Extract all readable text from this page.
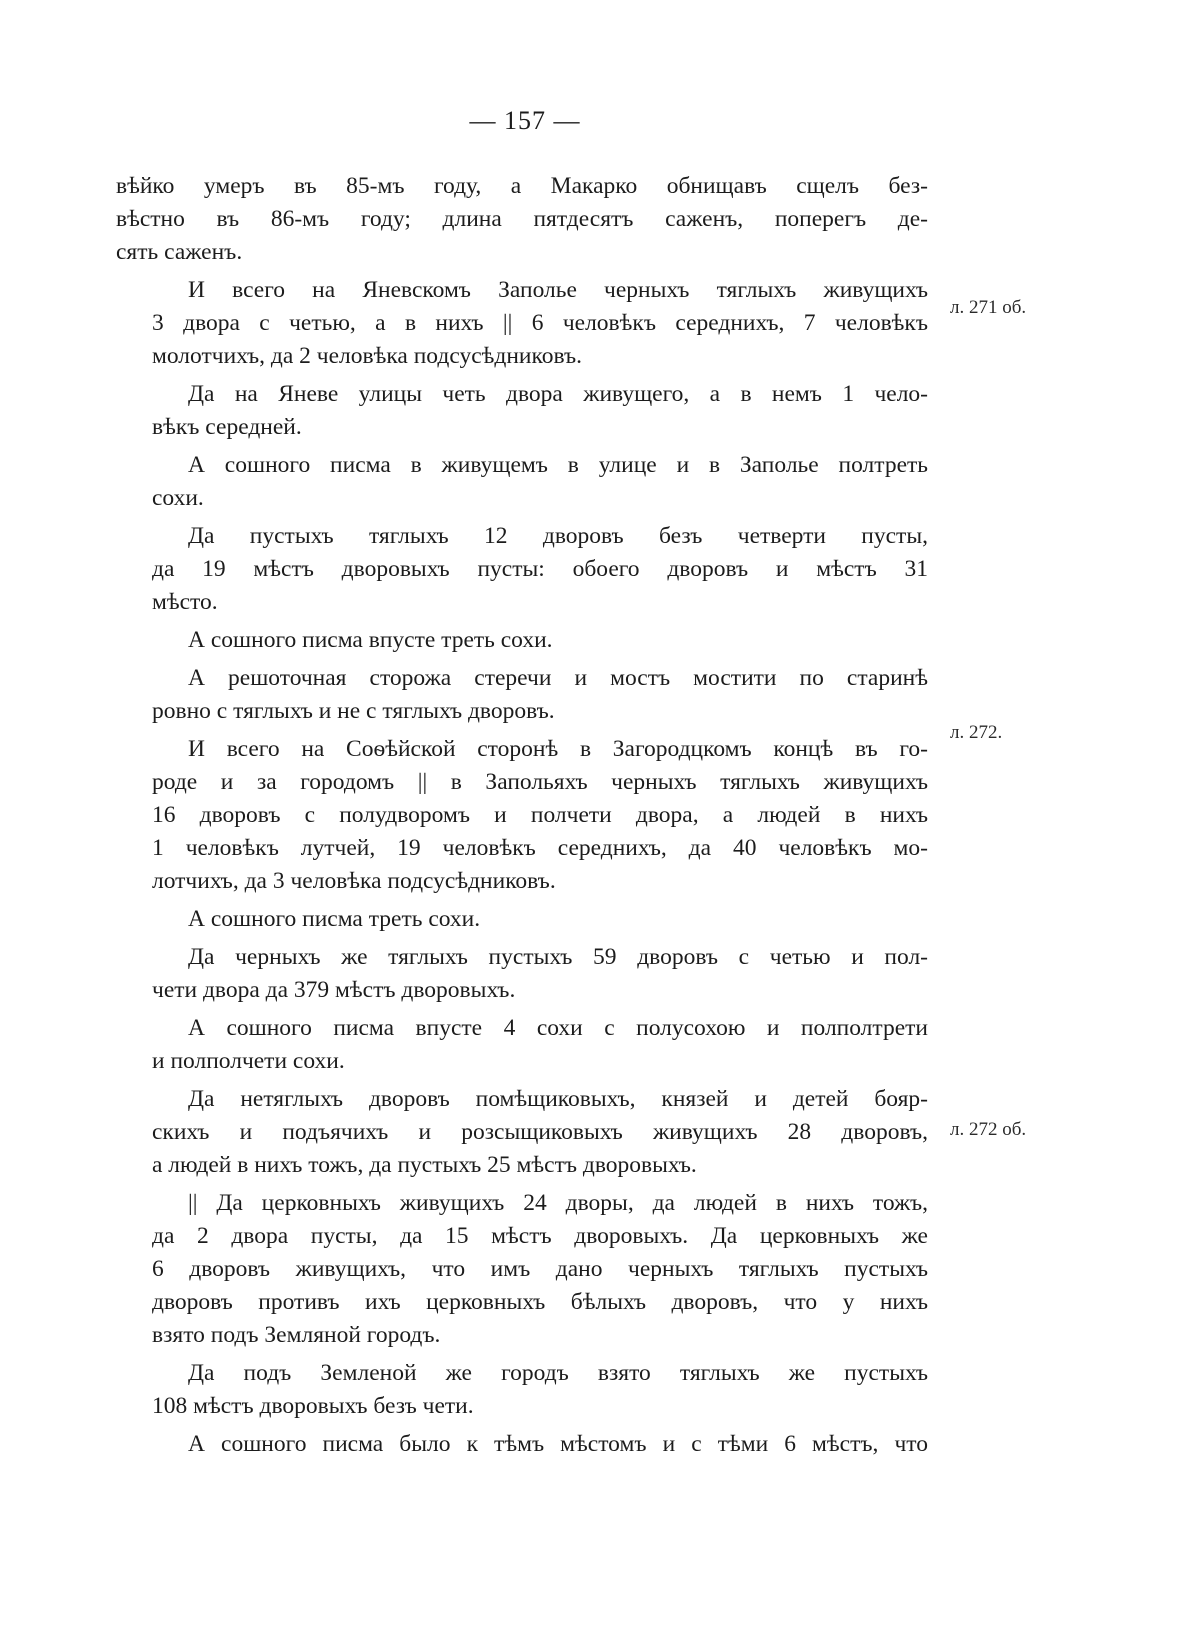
— 157 —
л. 271 об.
л. 272.
л. 272 об.
вѣйко умеръ въ 85-мъ году, а Макарко обнищавъ сщелъ без-
вѣстно въ 86-мъ году; длина пятдесятъ саженъ, поперегъ де-
сять саженъ.
И всего на Яневскомъ Заполье черныхъ тяглыхъ живущихъ
3 двора с четью, а в нихъ || 6 человѣкъ середнихъ, 7 человѣкъ
молотчихъ, да 2 человѣка подсусѣдниковъ.
Да на Яневе улицы четь двора живущего, а в немъ 1 чело-
вѣкъ середней.
А сошного писма в живущемъ в улице и в Заполье полтреть
сохи.
Да пустыхъ тяглыхъ 12 дворовъ безъ четверти пусты,
да 19 мѣстъ дворовыхъ пусты: обоего дворовъ и мѣстъ 31
мѣсто.
А сошного писма впусте треть сохи.
А решоточная сторожа стеречи и мостъ мостити по старинѣ
ровно с тяглыхъ и не с тяглыхъ дворовъ.
И всего на Соѳѣйской сторонѣ в Загородцкомъ концѣ въ го-
роде и за городомъ || в Запольяхъ черныхъ тяглыхъ живущихъ
16 дворовъ с полудворомъ и полчети двора, а людей в нихъ
1 человѣкъ лутчей, 19 человѣкъ середнихъ, да 40 человѣкъ мо-
лотчихъ, да 3 человѣка подсусѣдниковъ.
А сошного писма треть сохи.
Да черныхъ же тяглыхъ пустыхъ 59 дворовъ с четью и пол-
чети двора да 379 мѣстъ дворовыхъ.
А сошного писма впусте 4 сохи с полусохою и полполтрети
и полполчети сохи.
Да нетяглыхъ дворовъ помѣщиковыхъ, князей и детей бояр-
скихъ и подъячихъ и розсыщиковыхъ живущихъ 28 дворовъ,
а людей в нихъ тожъ, да пустыхъ 25 мѣстъ дворовыхъ.
|| Да церковныхъ живущихъ 24 дворы, да людей в нихъ тожъ,
да 2 двора пусты, да 15 мѣстъ дворовыхъ. Да церковныхъ же
6 дворовъ живущихъ, что имъ дано черныхъ тяглыхъ пустыхъ
дворовъ противъ ихъ церковныхъ бѣлыхъ дворовъ, что у нихъ
взято подъ Земляной городъ.
Да подъ Земленой же городъ взято тяглыхъ же пустыхъ
108 мѣстъ дворовыхъ безъ чети.
А сошного писма было к тѣмъ мѣстомъ и с тѣми 6 мѣстъ, что
